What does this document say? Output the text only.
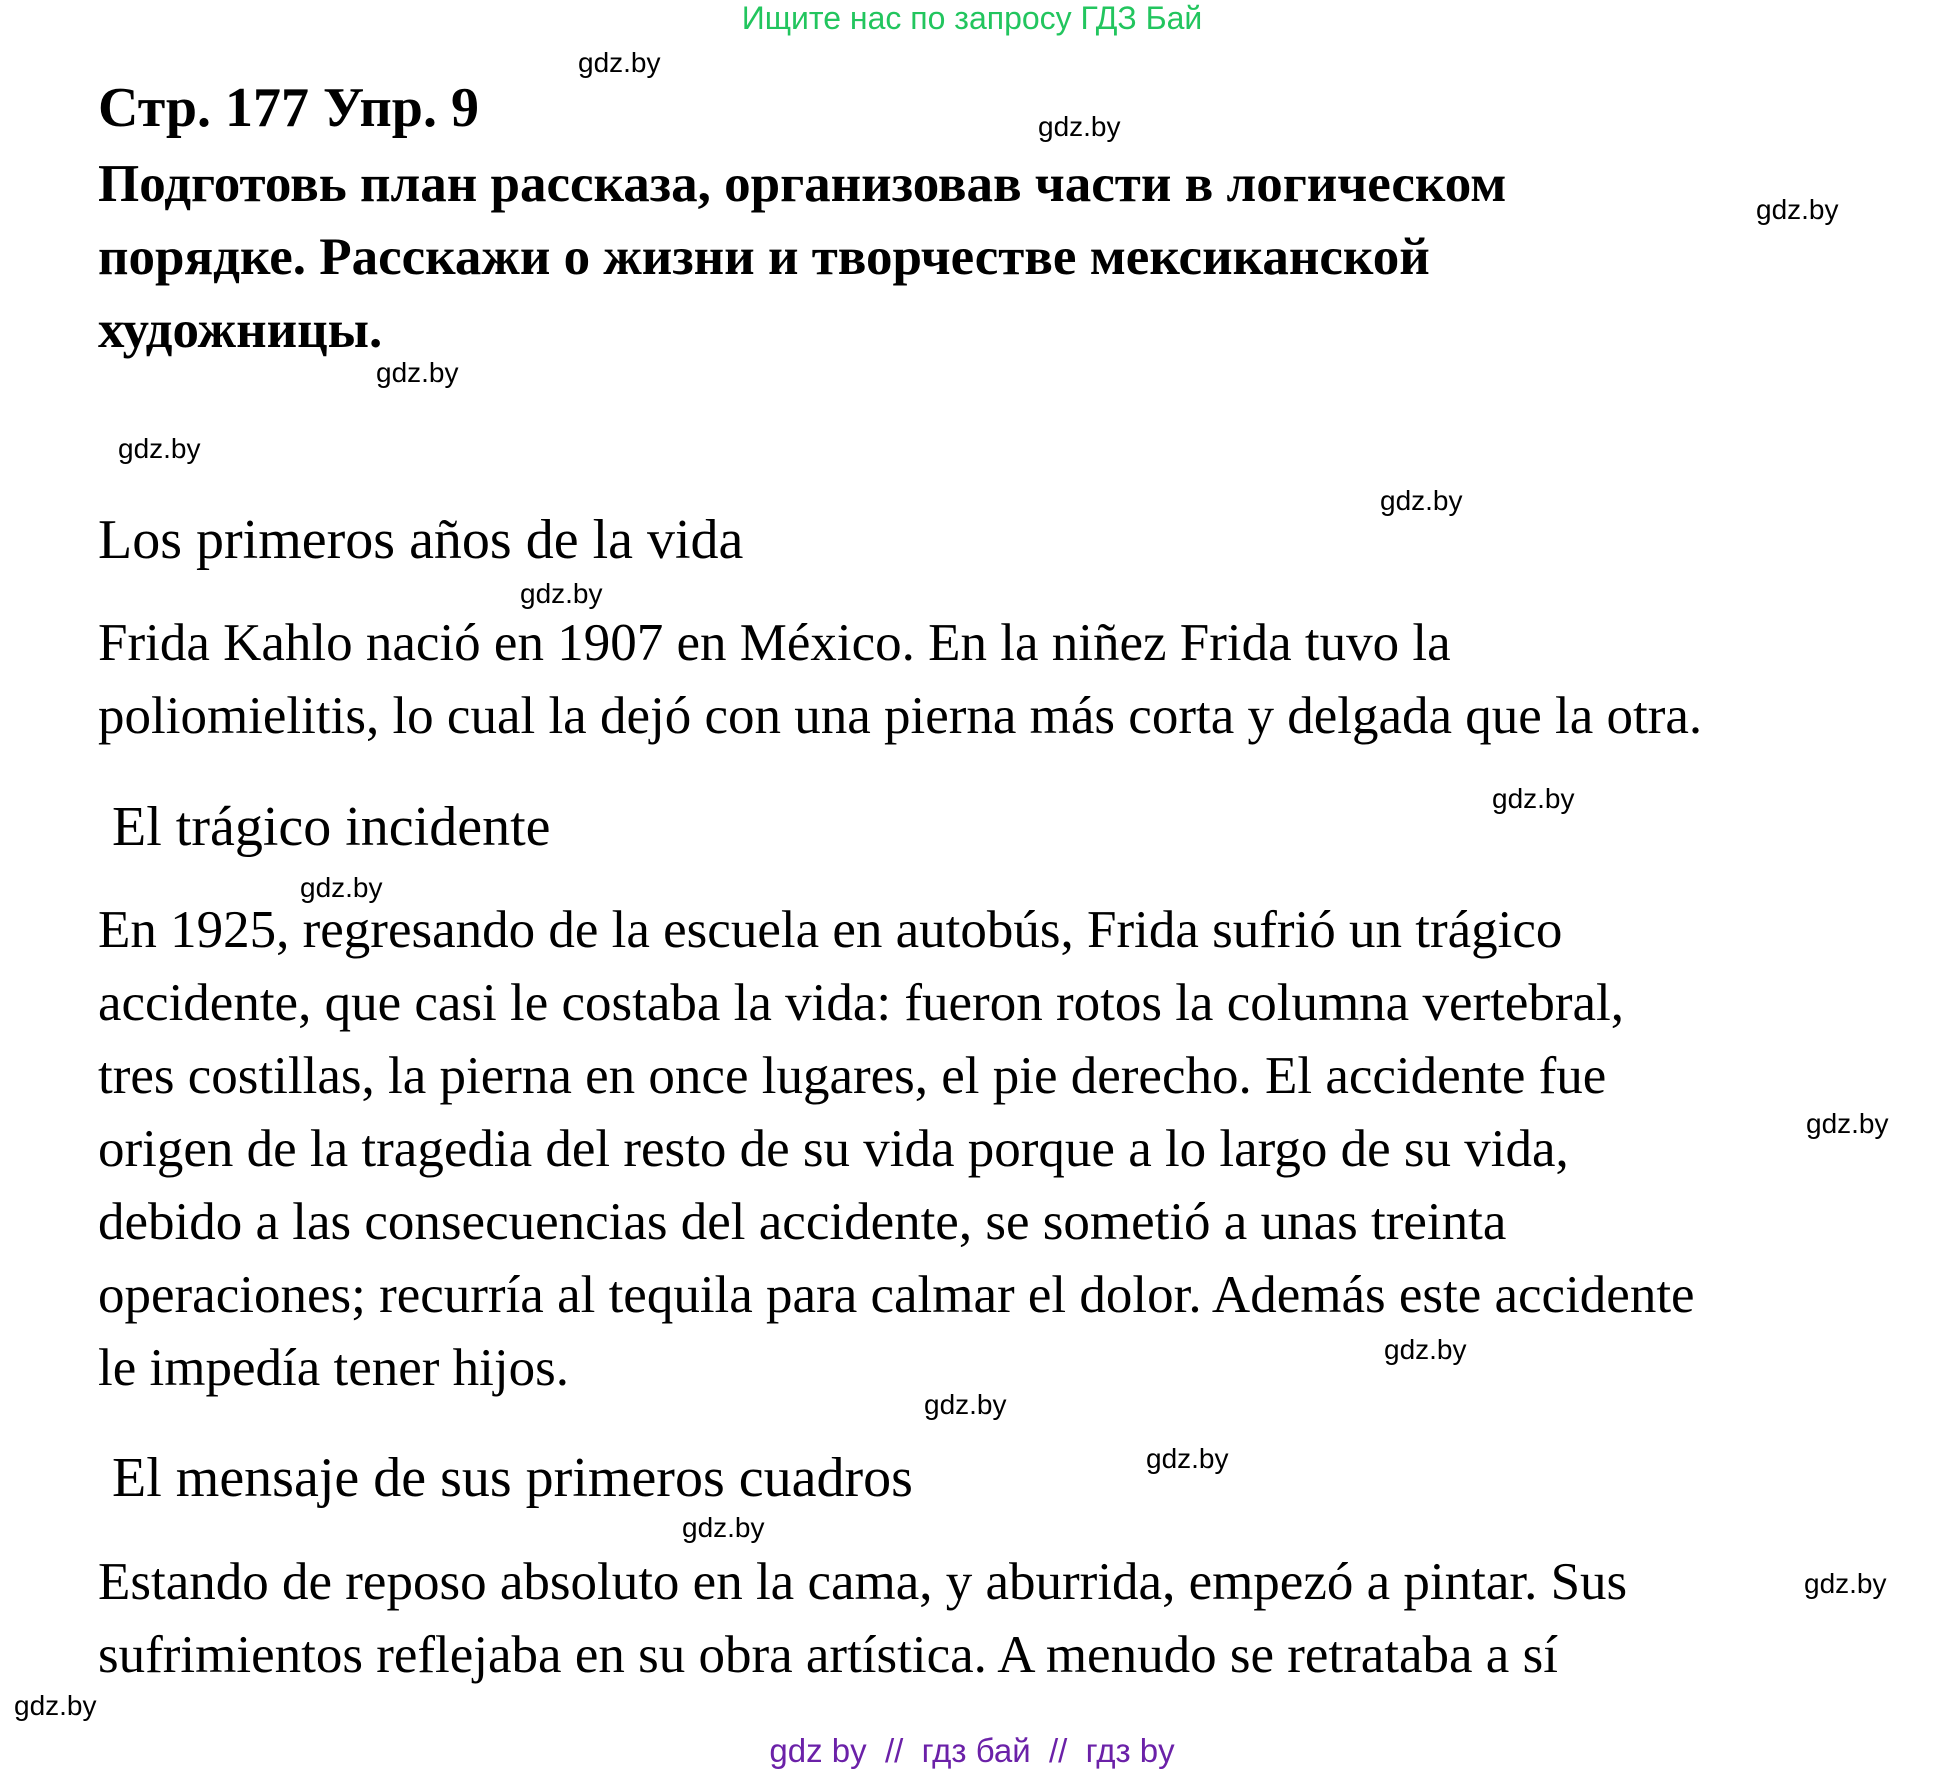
Ищите нас по запросу ГДЗ Бай
Стр. 177 Упр. 9
Подготовь план рассказа, организовав части в логическом
порядке. Расскажи о жизни и творчестве мексиканской
художницы.
Los primeros años de la vida
Frida Kahlo nació en 1907 en México. En la niñez Frida tuvo la
poliomielitis, lo cual la dejó con una pierna más corta y delgada que la otra.
El trágico incidente
En 1925, regresando de la escuela en autobús, Frida sufrió un trágico
accidente, que casi le costaba la vida: fueron rotos la columna vertebral,
tres costillas, la pierna en once lugares, el pie derecho. El accidente fue
origen de la tragedia del resto de su vida porque a lo largo de su vida,
debido a las consecuencias del accidente, se sometió a unas treinta
operaciones; recurría al tequila para calmar el dolor. Además este accidente
le impedía tener hijos.
El mensaje de sus primeros cuadros
Estando de reposo absoluto en la cama, y aburrida, empezó a pintar. Sus
sufrimientos reflejaba en su obra artística. A menudo se retrataba a sí
gdz.by
gdz.by
gdz.by
gdz.by
gdz.by
gdz.by
gdz.by
gdz.by
gdz.by
gdz.by
gdz.by
gdz.by
gdz.by
gdz.by
gdz.by
gdz.by
gdz by  //  гдз бай  //  гдз by
